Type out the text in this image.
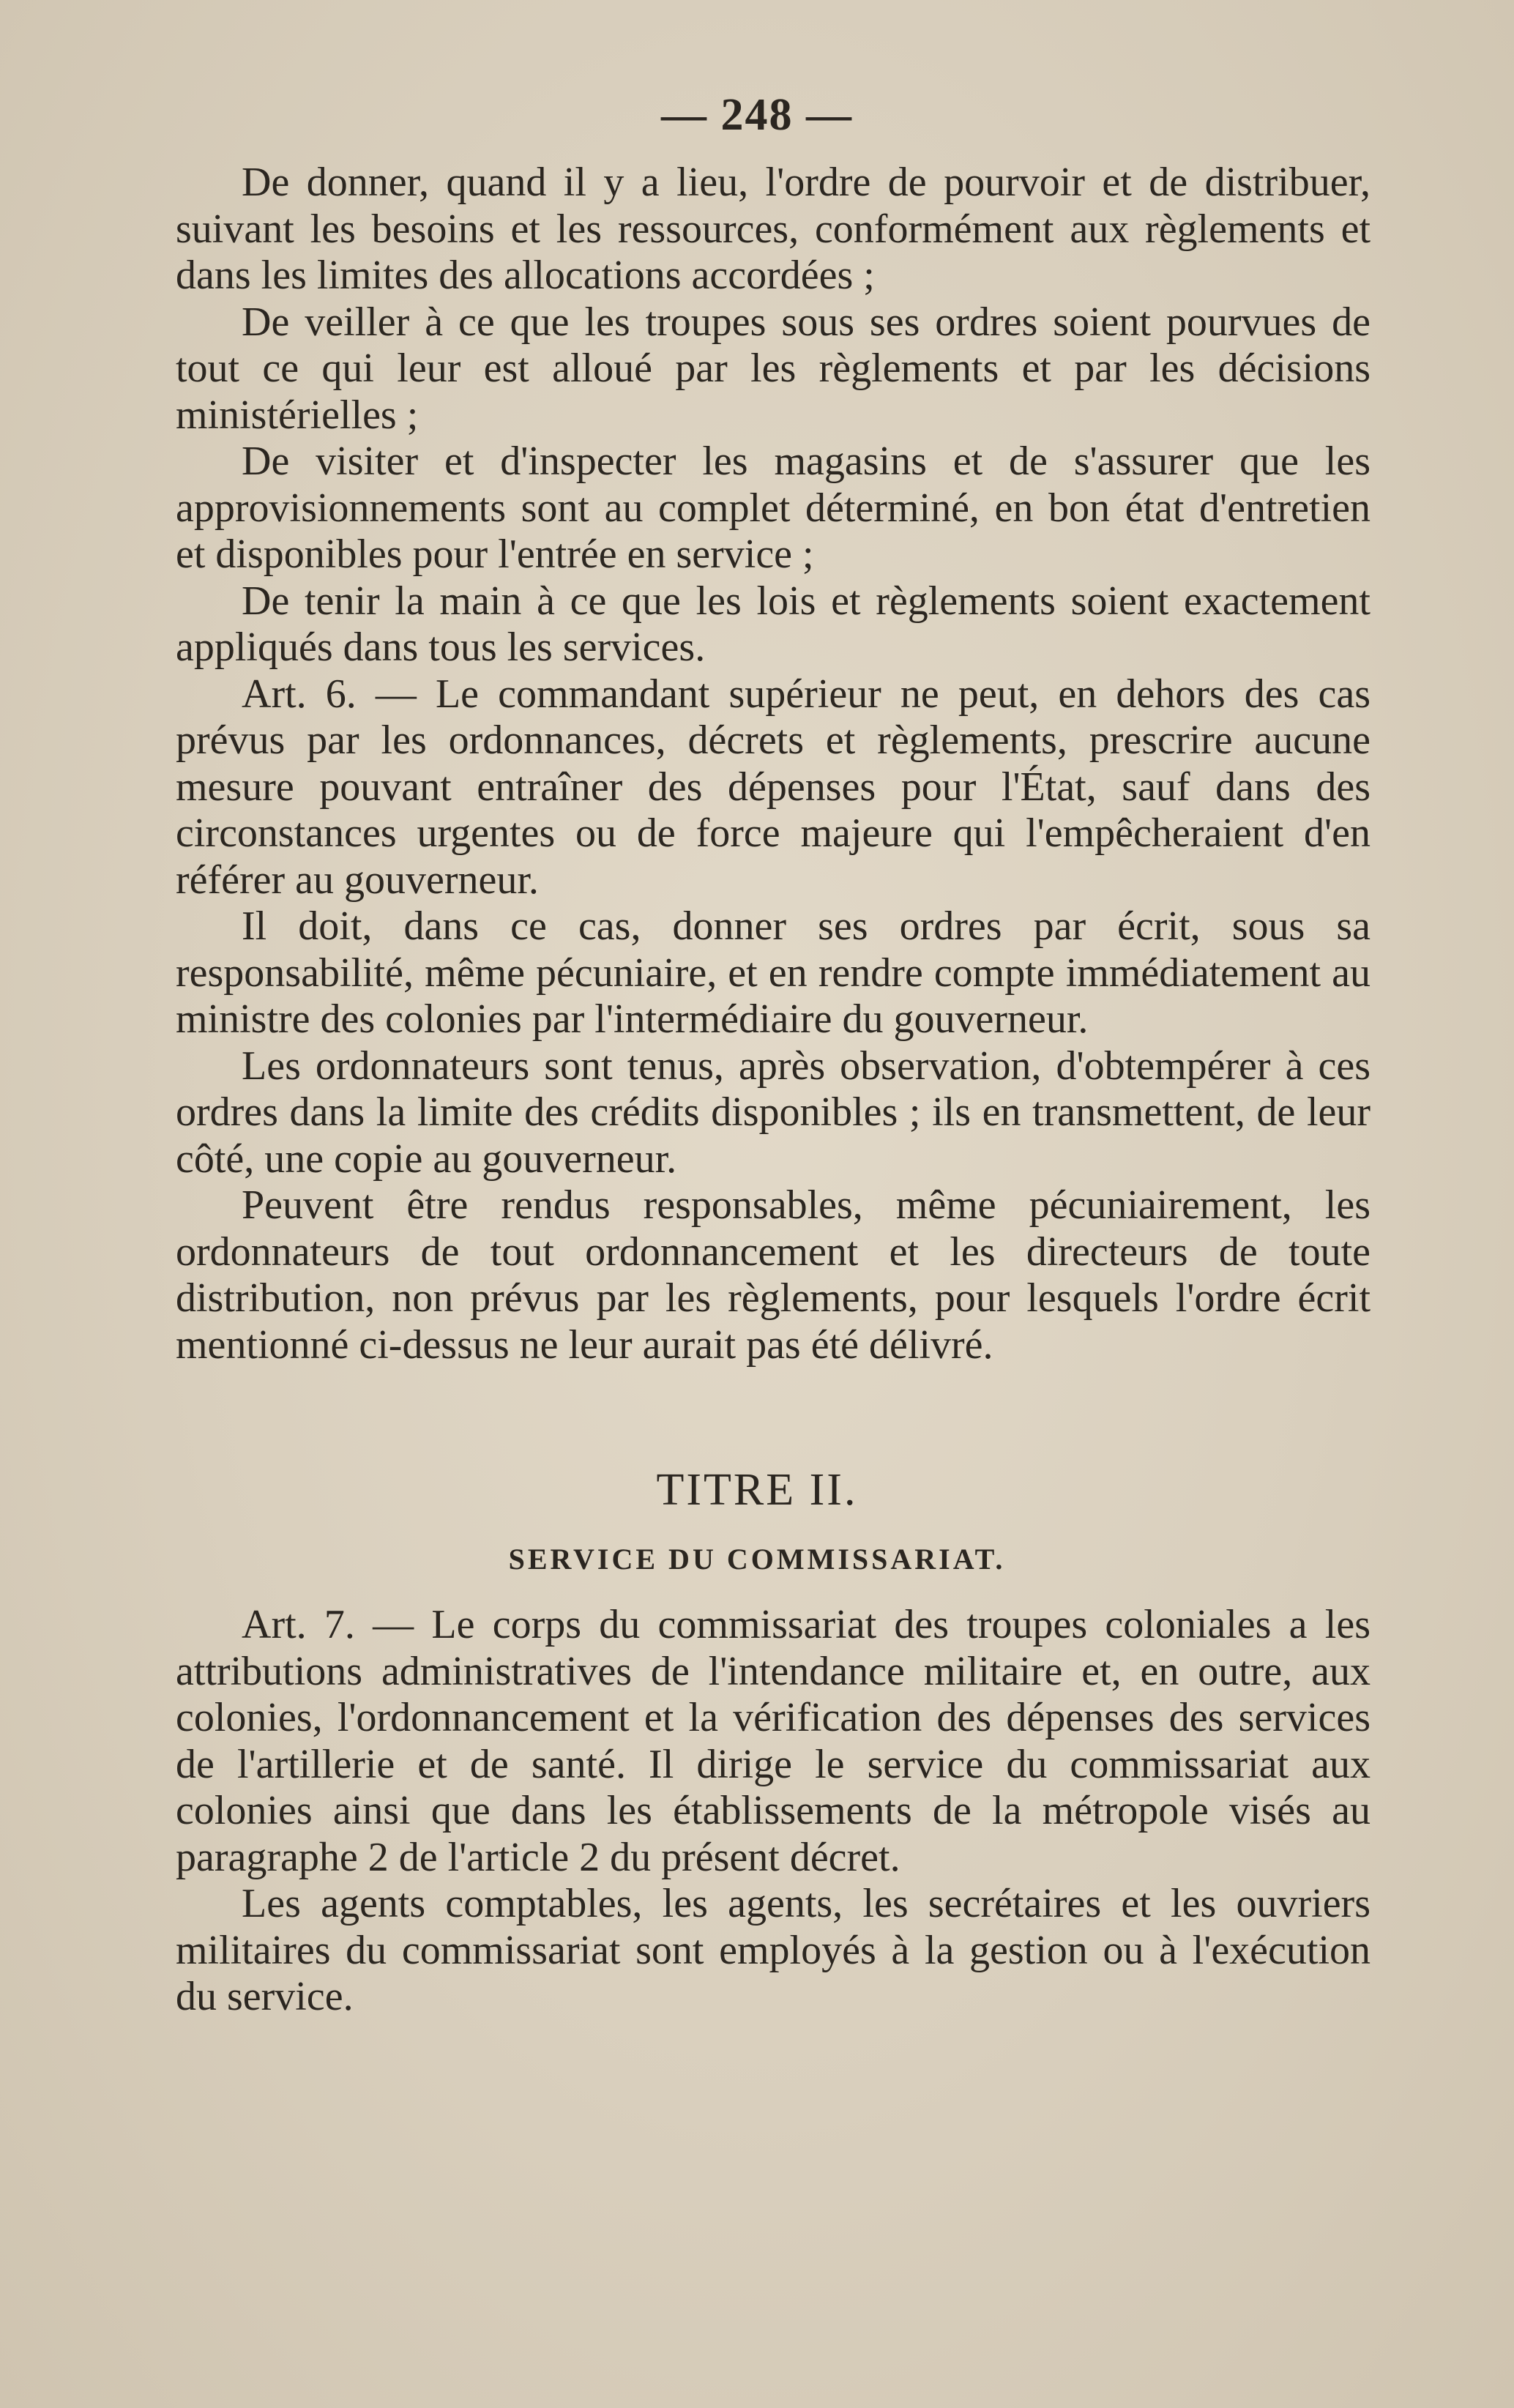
— 248 —

De donner, quand il y a lieu, l'ordre de pourvoir et de distribuer, suivant les besoins et les ressources, conformément aux règlements et dans les limites des allocations accordées ;

De veiller à ce que les troupes sous ses ordres soient pourvues de tout ce qui leur est alloué par les règlements et par les décisions ministérielles ;

De visiter et d'inspecter les magasins et de s'assurer que les approvisionnements sont au complet déterminé, en bon état d'entretien et disponibles pour l'entrée en service ;

De tenir la main à ce que les lois et règlements soient exactement appliqués dans tous les services.

Art. 6. — Le commandant supérieur ne peut, en dehors des cas prévus par les ordonnances, décrets et règlements, prescrire aucune mesure pouvant entraîner des dépenses pour l'État, sauf dans des circonstances urgentes ou de force majeure qui l'empêcheraient d'en référer au gouverneur.

Il doit, dans ce cas, donner ses ordres par écrit, sous sa responsabilité, même pécuniaire, et en rendre compte immédiatement au ministre des colonies par l'intermédiaire du gouverneur.

Les ordonnateurs sont tenus, après observation, d'obtempérer à ces ordres dans la limite des crédits disponibles ; ils en transmettent, de leur côté, une copie au gouverneur.

Peuvent être rendus responsables, même pécuniairement, les ordonnateurs de tout ordonnancement et les directeurs de toute distribution, non prévus par les règlements, pour lesquels l'ordre écrit mentionné ci-dessus ne leur aurait pas été délivré.

TITRE II.
SERVICE DU COMMISSARIAT.

Art. 7. — Le corps du commissariat des troupes coloniales a les attributions administratives de l'intendance militaire et, en outre, aux colonies, l'ordonnancement et la vérification des dépenses des services de l'artillerie et de santé. Il dirige le service du commissariat aux colonies ainsi que dans les établissements de la métropole visés au paragraphe 2 de l'article 2 du présent décret.

Les agents comptables, les agents, les secrétaires et les ouvriers militaires du commissariat sont employés à la gestion ou à l'exécution du service.
